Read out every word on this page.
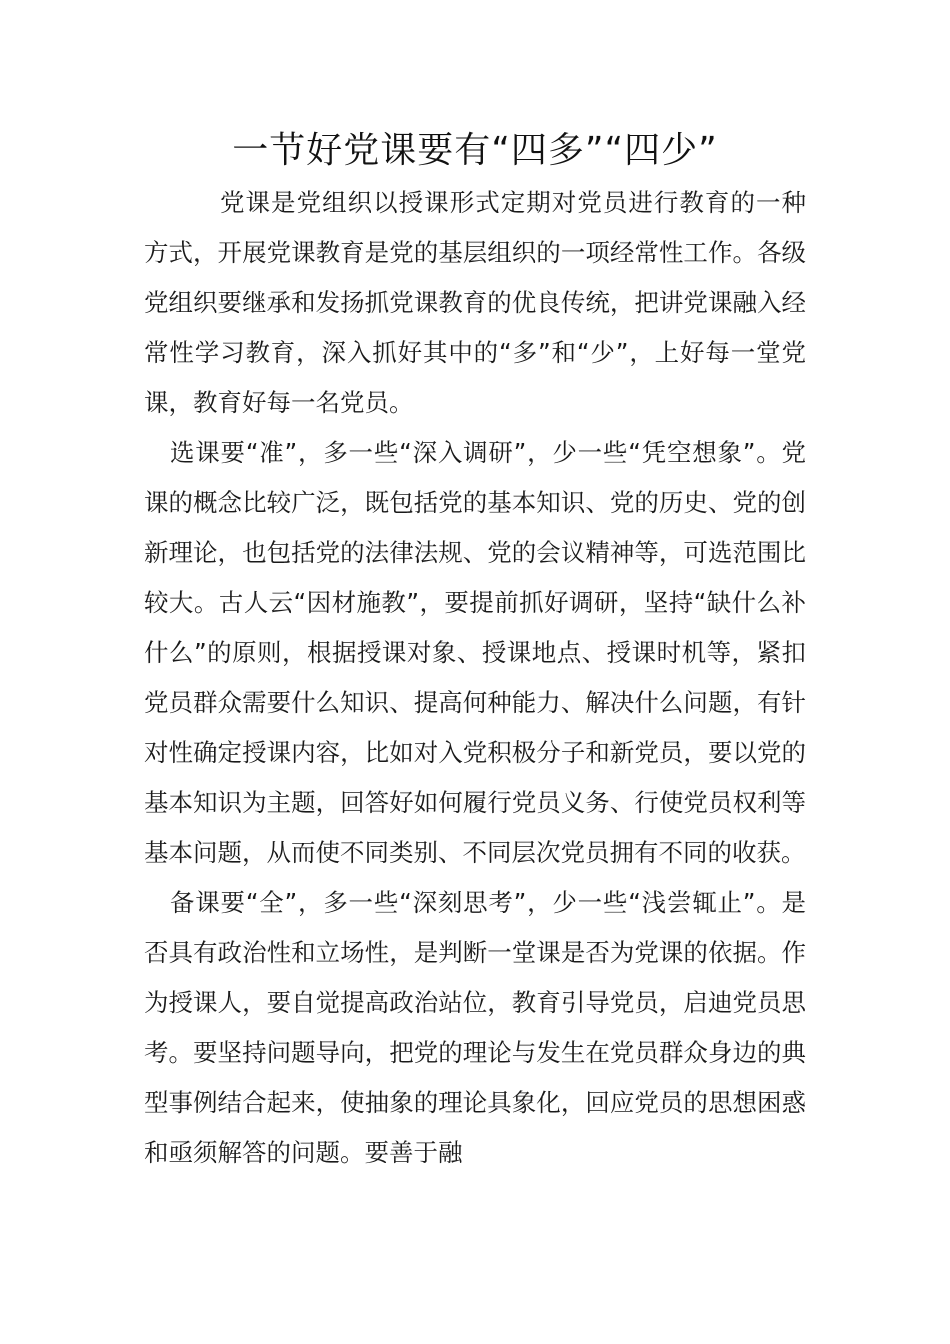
一节好党课要有“四多”“四少”

党课是党组织以授课形式定期对党员进行教育的一种方式，开展党课教育是党的基层组织的一项经常性工作。各级党组织要继承和发扬抓党课教育的优良传统，把讲党课融入经常性学习教育，深入抓好其中的“多”和“少”，上好每一堂党课，教育好每一名党员。

选课要“准”，多一些“深入调研”，少一些“凭空想象”。党课的概念比较广泛，既包括党的基本知识、党的历史、党的创新理论，也包括党的法律法规、党的会议精神等，可选范围比较大。古人云“因材施教”，要提前抓好调研，坚持“缺什么补什么”的原则，根据授课对象、授课地点、授课时机等，紧扣党员群众需要什么知识、提高何种能力、解决什么问题，有针对性确定授课内容，比如对入党积极分子和新党员，要以党的基本知识为主题，回答好如何履行党员义务、行使党员权利等基本问题，从而使不同类别、不同层次党员拥有不同的收获。

备课要“全”，多一些“深刻思考”，少一些“浅尝辄止”。是否具有政治性和立场性，是判断一堂课是否为党课的依据。作为授课人，要自觉提高政治站位，教育引导党员，启迪党员思考。要坚持问题导向，把党的理论与发生在党员群众身边的典型事例结合起来，使抽象的理论具象化，回应党员的思想困惑和亟须解答的问题。要善于融
